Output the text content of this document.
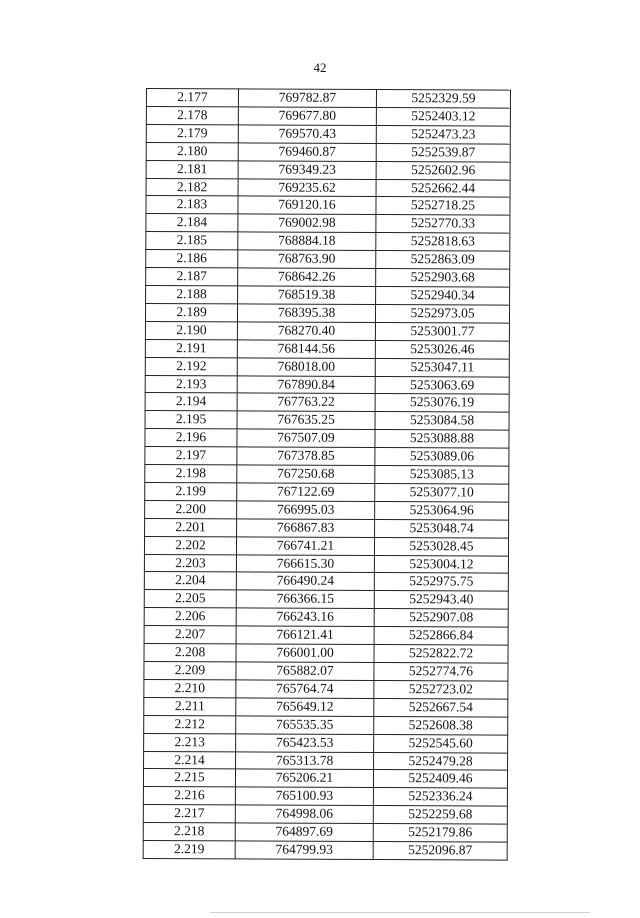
42
2.177	769782.87	5252329.59
2.178	769677.80	5252403.12
2.179	769570.43	5252473.23
2.180	769460.87	5252539.87
2.181	769349.23	5252602.96
2.182	769235.62	5252662.44
2.183	769120.16	5252718.25
2.184	769002.98	5252770.33
2.185	768884.18	5252818.63
2.186	768763.90	5252863.09
2.187	768642.26	5252903.68
2.188	768519.38	5252940.34
2.189	768395.38	5252973.05
2.190	768270.40	5253001.77
2.191	768144.56	5253026.46
2.192	768018.00	5253047.11
2.193	767890.84	5253063.69
2.194	767763.22	5253076.19
2.195	767635.25	5253084.58
2.196	767507.09	5253088.88
2.197	767378.85	5253089.06
2.198	767250.68	5253085.13
2.199	767122.69	5253077.10
2.200	766995.03	5253064.96
2.201	766867.83	5253048.74
2.202	766741.21	5253028.45
2.203	766615.30	5253004.12
2.204	766490.24	5252975.75
2.205	766366.15	5252943.40
2.206	766243.16	5252907.08
2.207	766121.41	5252866.84
2.208	766001.00	5252822.72
2.209	765882.07	5252774.76
2.210	765764.74	5252723.02
2.211	765649.12	5252667.54
2.212	765535.35	5252608.38
2.213	765423.53	5252545.60
2.214	765313.78	5252479.28
2.215	765206.21	5252409.46
2.216	765100.93	5252336.24
2.217	764998.06	5252259.68
2.218	764897.69	5252179.86
2.219	764799.93	5252096.87
